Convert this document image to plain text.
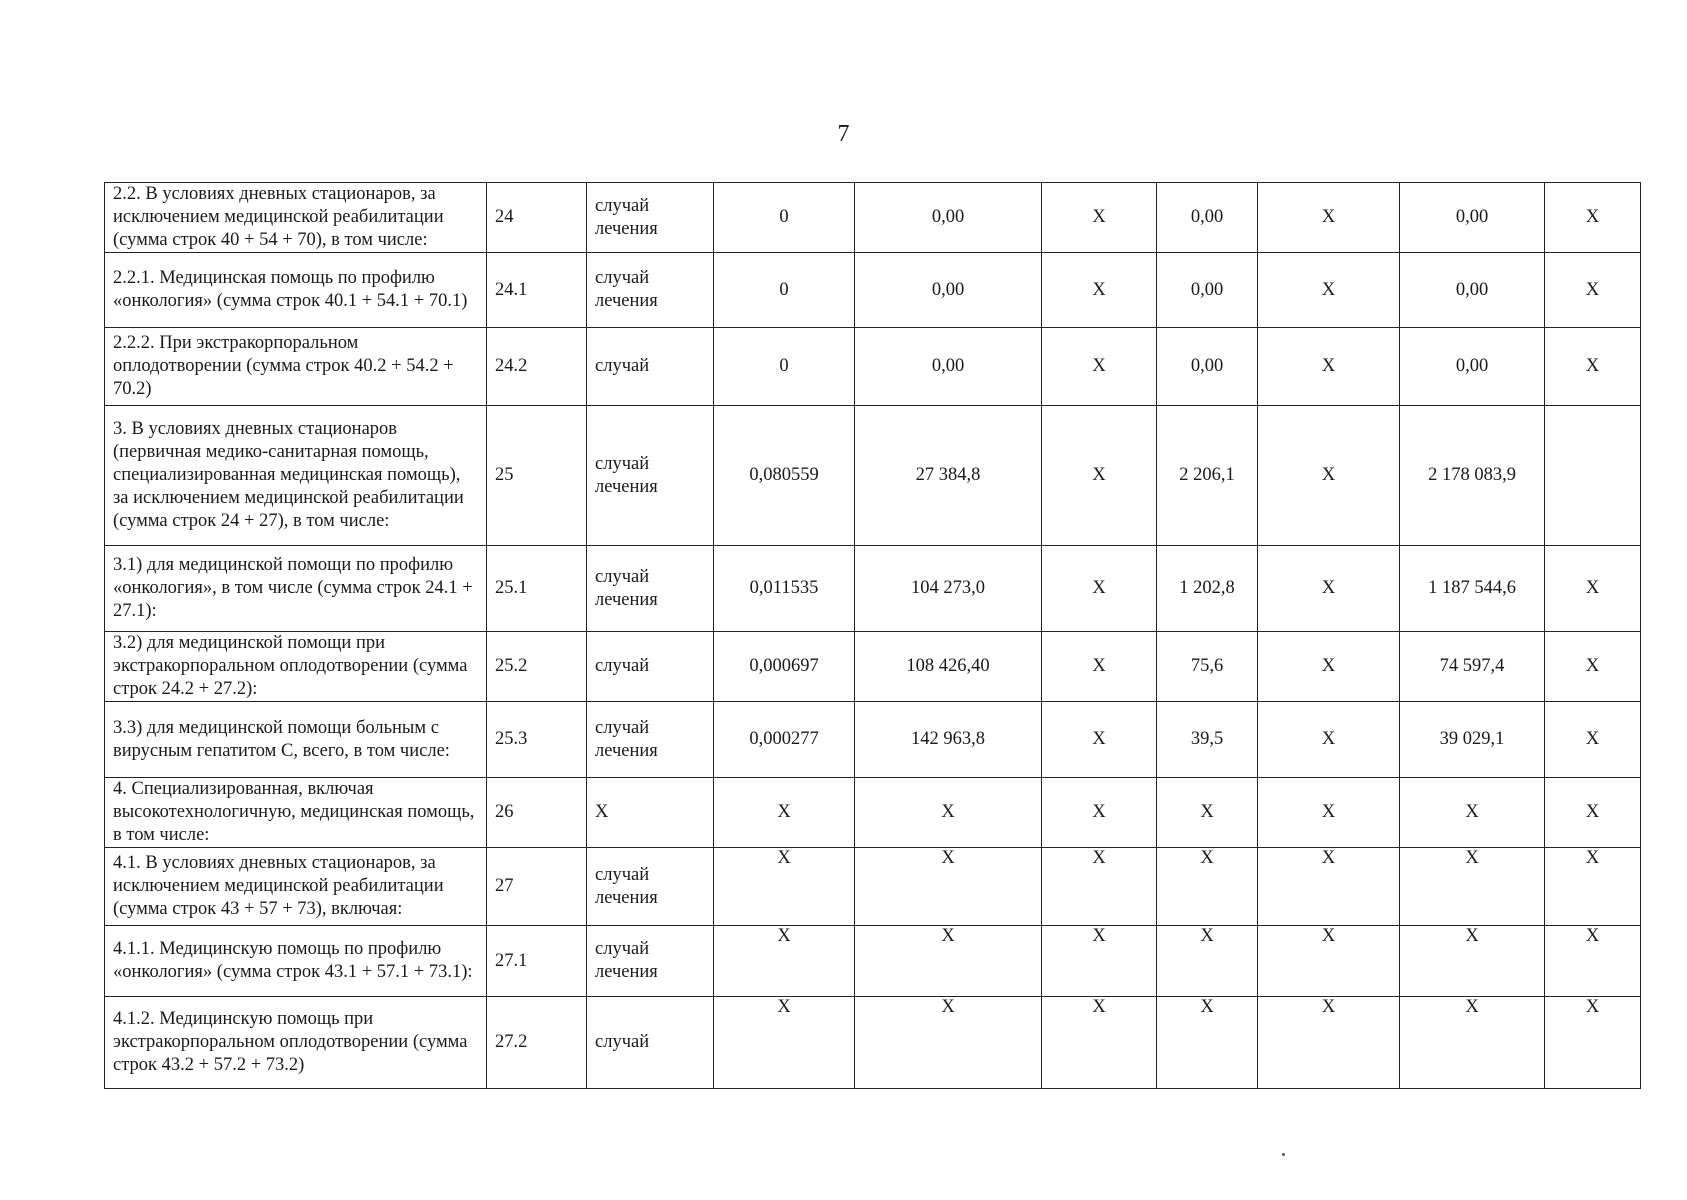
7
2.2. В условиях дневных стационаров, за исключением медицинской реабилитации (сумма строк 40 + 54 + 70), в том числе:	24	случай лечения	0	0,00	Х	0,00	Х	0,00	Х
2.2.1. Медицинская помощь по профилю «онкология» (сумма строк 40.1 + 54.1 + 70.1)	24.1	случай лечения	0	0,00	Х	0,00	Х	0,00	Х
2.2.2. При экстракорпоральном оплодотворении (сумма строк 40.2 + 54.2 + 70.2)	24.2	случай	0	0,00	Х	0,00	Х	0,00	Х
3. В условиях дневных стационаров (первичная медико-санитарная помощь, специализированная медицинская помощь), за исключением медицинской реабилитации (сумма строк 24 + 27), в том числе:	25	случай лечения	0,080559	27 384,8	Х	2 206,1	Х	2 178 083,9	
3.1) для медицинской помощи по профилю «онкология», в том числе (сумма строк 24.1 + 27.1):	25.1	случай лечения	0,011535	104 273,0	Х	1 202,8	Х	1 187 544,6	Х
3.2) для медицинской помощи при экстракорпоральном оплодотворении (сумма строк 24.2 + 27.2):	25.2	случай	0,000697	108 426,40	Х	75,6	Х	74 597,4	Х
3.3) для медицинской помощи больным с вирусным гепатитом С, всего, в том числе:	25.3	случай лечения	0,000277	142 963,8	Х	39,5	Х	39 029,1	Х
4. Специализированная, включая высокотехнологичную, медицинская помощь, в том числе:	26	Х	Х	Х	Х	Х	Х	Х	Х
4.1. В условиях дневных стационаров, за исключением медицинской реабилитации (сумма строк 43 + 57 + 73), включая:	27	случай лечения	Х	Х	Х	Х	Х	Х	Х

4.1.1. Медицинскую помощь по профилю «онкология» (сумма строк 43.1 + 57.1 + 73.1):	27.1	случай лечения	Х	Х	Х	Х	Х	Х	Х

4.1.2. Медицинскую помощь при экстракорпоральном оплодотворении (сумма строк 43.2 + 57.2 + 73.2)	27.2	случай	Х	Х	Х	Х	Х	Х	Х
